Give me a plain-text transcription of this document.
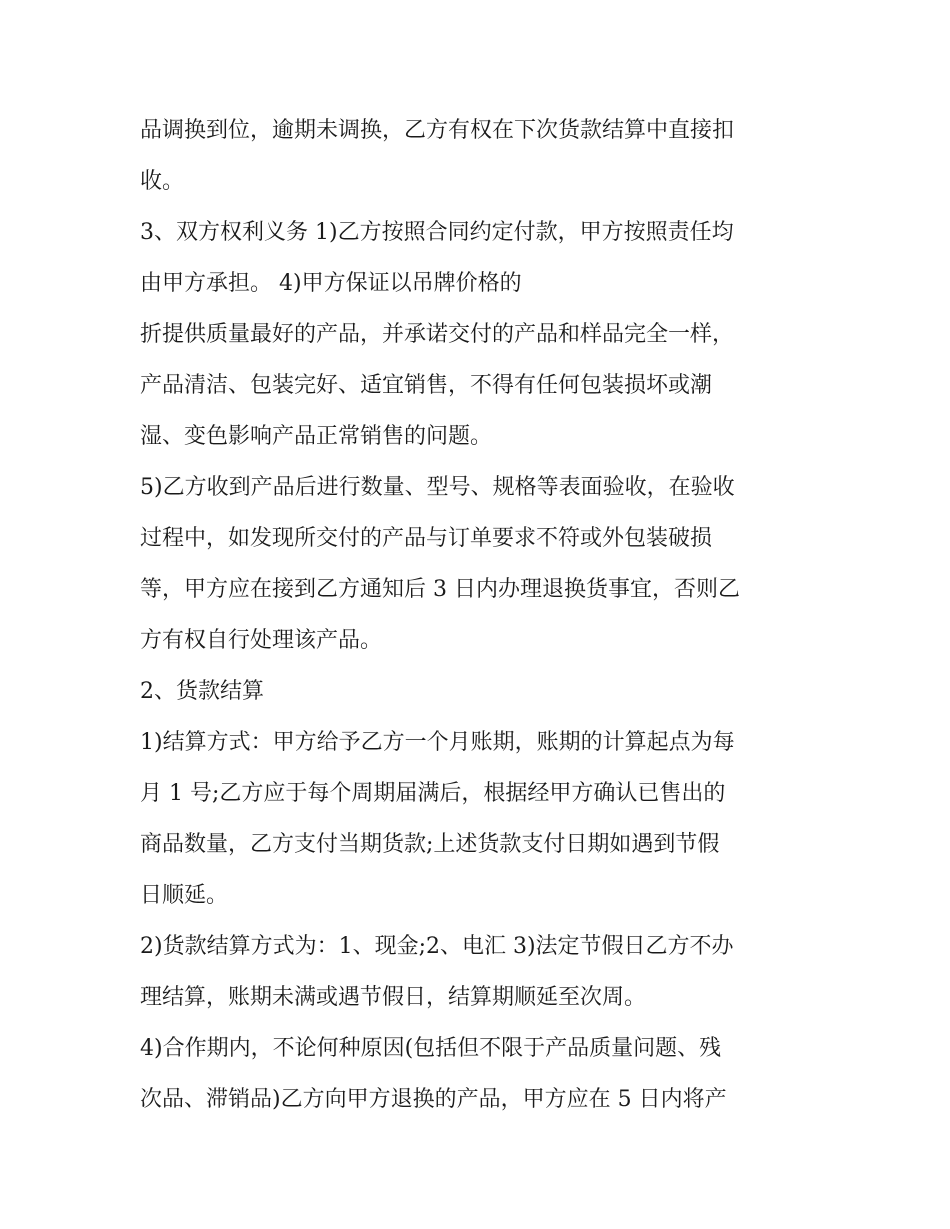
品调换到位，逾期未调换，乙方有权在下次货款结算中直接扣
收。
3、双方权利义务 1)乙方按照合同约定付款，甲方按照责任均
由甲方承担。 4)甲方保证以吊牌价格的
折提供质量最好的产品，并承诺交付的产品和样品完全一样，
产品清洁、包装完好、适宜销售，不得有任何包装损坏或潮
湿、变色影响产品正常销售的问题。
5)乙方收到产品后进行数量、型号、规格等表面验收，在验收
过程中，如发现所交付的产品与订单要求不符或外包装破损
等，甲方应在接到乙方通知后 3 日内办理退换货事宜，否则乙
方有权自行处理该产品。
2、货款结算
1)结算方式：甲方给予乙方一个月账期，账期的计算起点为每
月 1 号;乙方应于每个周期届满后，根据经甲方确认已售出的
商品数量，乙方支付当期货款;上述货款支付日期如遇到节假
日顺延。
2)货款结算方式为：1、现金;2、电汇 3)法定节假日乙方不办
理结算，账期未满或遇节假日，结算期顺延至次周。
4)合作期内，不论何种原因(包括但不限于产品质量问题、残
次品、滞销品)乙方向甲方退换的产品，甲方应在 5 日内将产
